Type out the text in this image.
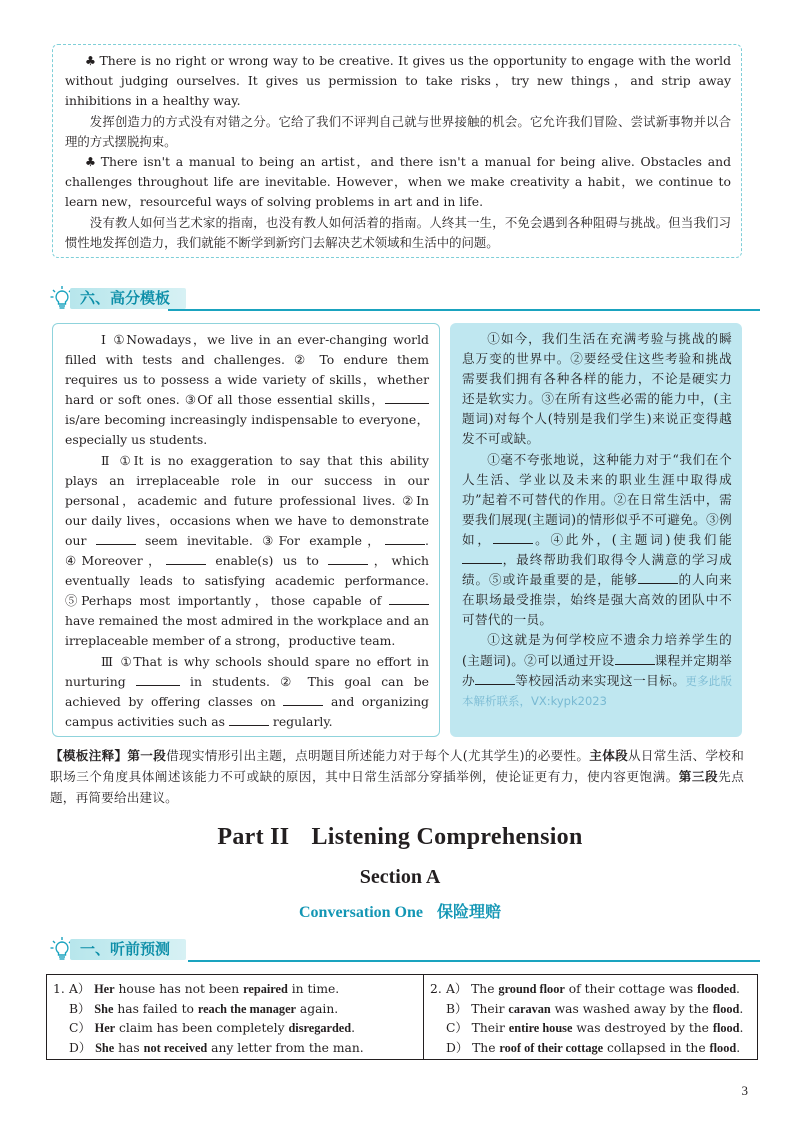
♣ There is no right or wrong way to be creative. It gives us the opportunity to engage with the world without judging ourselves. It gives us permission to take risks，try new things，and strip away inhibitions in a healthy way.

发挥创造力的方式没有对错之分。它给了我们不评判自己就与世界接触的机会。它允许我们冒险、尝试新事物并以合理的方式摆脱拘束。

♣ There isn't a manual to being an artist，and there isn't a manual for being alive. Obstacles and challenges throughout life are inevitable. However，when we make creativity a habit，we continue to learn new，resourceful ways of solving problems in art and in life.

没有教人如何当艺术家的指南，也没有教人如何活着的指南。人终其一生，不免会遇到各种阻碍与挑战。但当我们习惯性地发挥创造力，我们就能不断学到新窍门去解决艺术领域和生活中的问题。

六、高分模板

Ⅰ ①Nowadays，we live in an ever-changing world filled with tests and challenges. ② To endure them requires us to possess a wide variety of skills，whether hard or soft ones. ③Of all those essential skills， is/are becoming increasingly indispensable to everyone，especially us students.

Ⅱ ①It is no exaggeration to say that this ability plays an irreplaceable role in our success in our personal，academic and future professional lives. ②In our daily lives，occasions when we have to demonstrate our	seem inevitable. ③For example，	. ④Moreover，	enable(s) us to	，which eventually leads to satisfying academic performance. ⑤Perhaps most importantly，those capable of  have remained the most admired in the workplace and an irreplaceable member of a strong，productive team.

Ⅲ ①That is why schools should spare no effort in nurturing	in students. ② This goal can be achieved by offering classes on	and organizing campus activities such as	regularly.

①如今，我们生活在充满考验与挑战的瞬息万变的世界中。②要经受住这些考验和挑战需要我们拥有各种各样的能力，不论是硬实力还是软实力。③在所有这些必需的能力中，(主题词)对每个人(特别是我们学生)来说正变得越发不可或缺。

①毫不夸张地说，这种能力对于“我们在个人生活、学业以及未来的职业生涯中取得成功”起着不可替代的作用。②在日常生活中，需要我们展现(主题词)的情形似乎不可避免。③例如，	。④此外，(主题词)使我们能，最终帮助我们取得令人满意的学习成绩。⑤或许最重要的是，能够	的人向来在职场最受推崇，始终是强大高效的团队中不可替代的一员。

①这就是为何学校应不遗余力培养学生的(主题词)。②可以通过开设	课程并定期举办	等校园活动来实现这一目标。更多此版本解析联系，VX:kypk2023

【模板注释】第一段借现实情形引出主题，点明题目所述能力对于每个人(尤其学生)的必要性。主体段从日常生活、学校和职场三个角度具体阐述该能力不可或缺的原因，其中日常生活部分穿插举例，使论证更有力，使内容更饱满。第三段先点题，再简要给出建议。

Part II Listening Comprehension
Section A
Conversation One 保险理赔
一、听前预测
1. A） Her house has not been repaired in time.
B） She has failed to reach the manager again.
C） Her claim has been completely disregarded.
D） She has not received any letter from the man.
2. A） The ground floor of their cottage was flooded.
B） Their caravan was washed away by the flood.
C） Their entire house was destroyed by the flood.
D） The roof of their cottage collapsed in the flood.

3
